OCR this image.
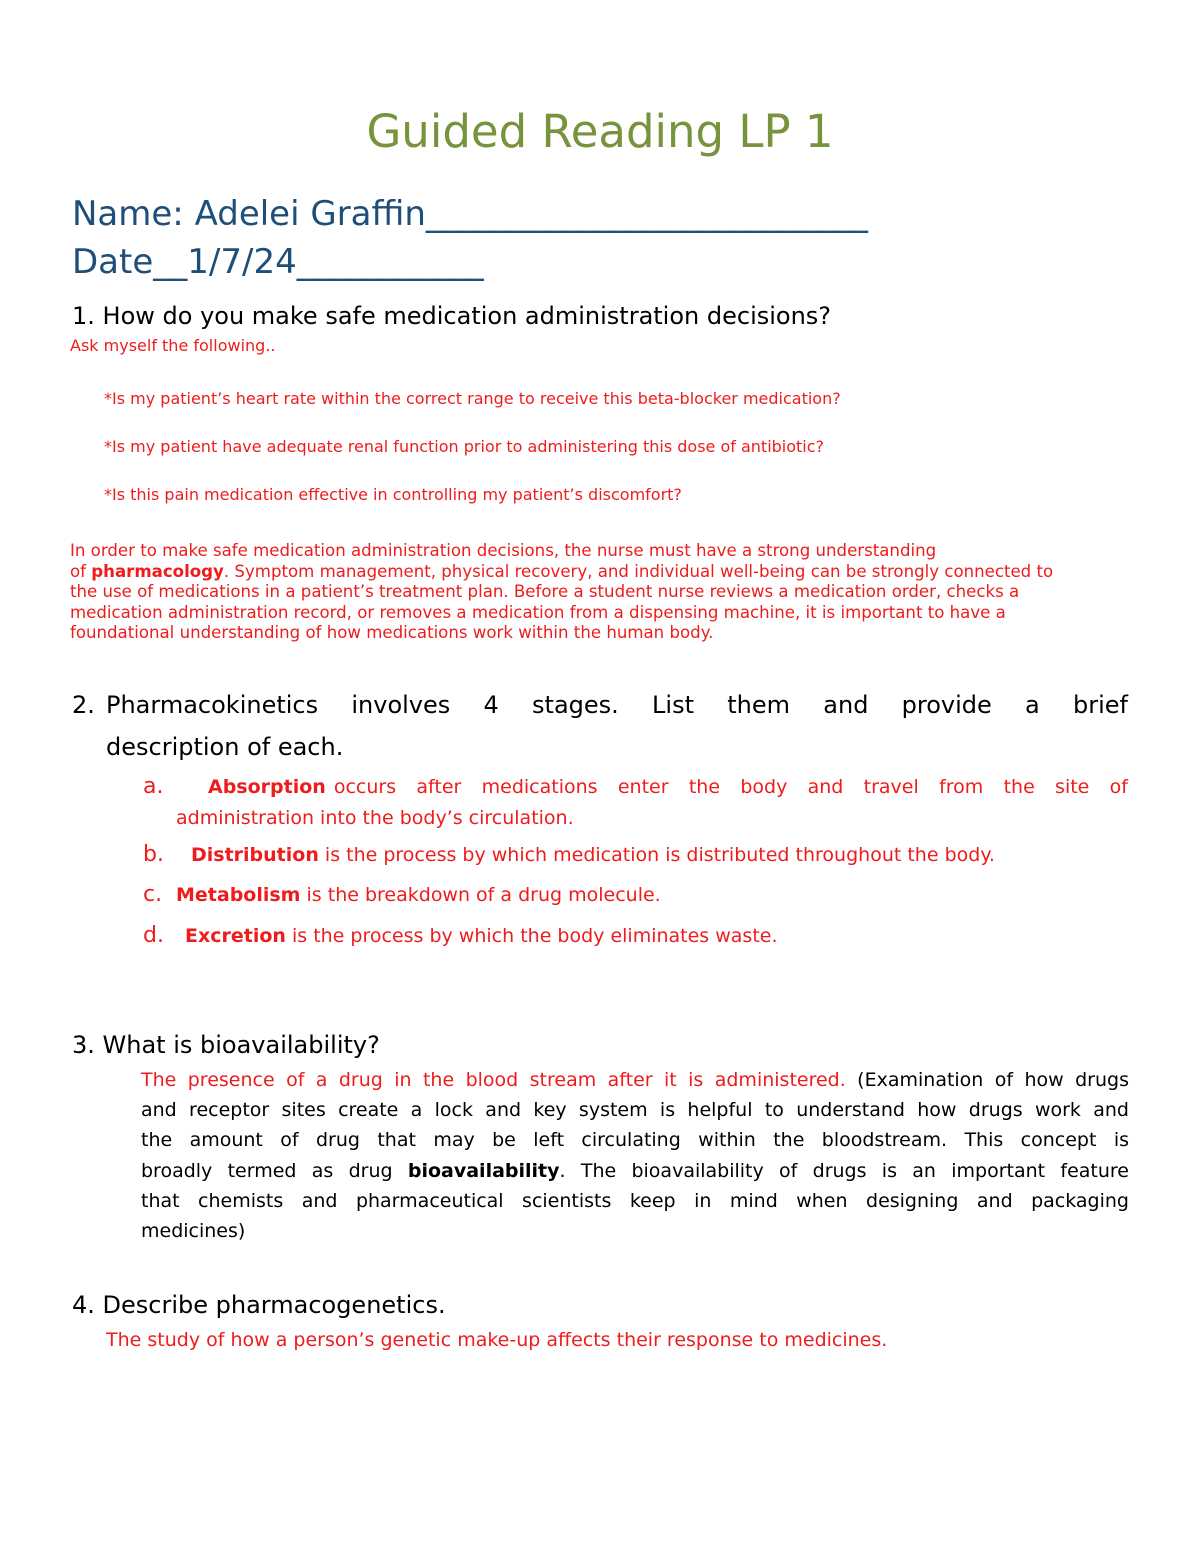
Guided Reading LP 1
Name: Adelei Graffin__________________________
Date__1/7/24___________
1. How do you make safe medication administration decisions?
Ask myself the following..
*Is my patient’s heart rate within the correct range to receive this beta-blocker medication?
*Is my patient have adequate renal function prior to administering this dose of antibiotic?
*Is this pain medication effective in controlling my patient’s discomfort?
In order to make safe medication administration decisions, the nurse must have a strong understanding
of pharmacology. Symptom management, physical recovery, and individual well-being can be strongly connected to
the use of medications in a patient’s treatment plan. Before a student nurse reviews a medication order, checks a
medication administration record, or removes a medication from a dispensing machine, it is important to have a
foundational understanding of how medications work within the human body.
2. Pharmacokinetics involves 4 stages. List them and provide a brief
description of each.
a. Absorption occurs after medications enter the body and travel from the site of
administration into the body’s circulation.
b. Distribution is the process by which medication is distributed throughout the body.
c. Metabolism is the breakdown of a drug molecule.
d. Excretion is the process by which the body eliminates waste.
3. What is bioavailability?
The presence of a drug in the blood stream after it is administered. (Examination of how drugs
and receptor sites create a lock and key system is helpful to understand how drugs work and
the amount of drug that may be left circulating within the bloodstream. This concept is
broadly termed as drug bioavailability. The bioavailability of drugs is an important feature
that chemists and pharmaceutical scientists keep in mind when designing and packaging
medicines)
4. Describe pharmacogenetics.
The study of how a person’s genetic make-up affects their response to medicines.
